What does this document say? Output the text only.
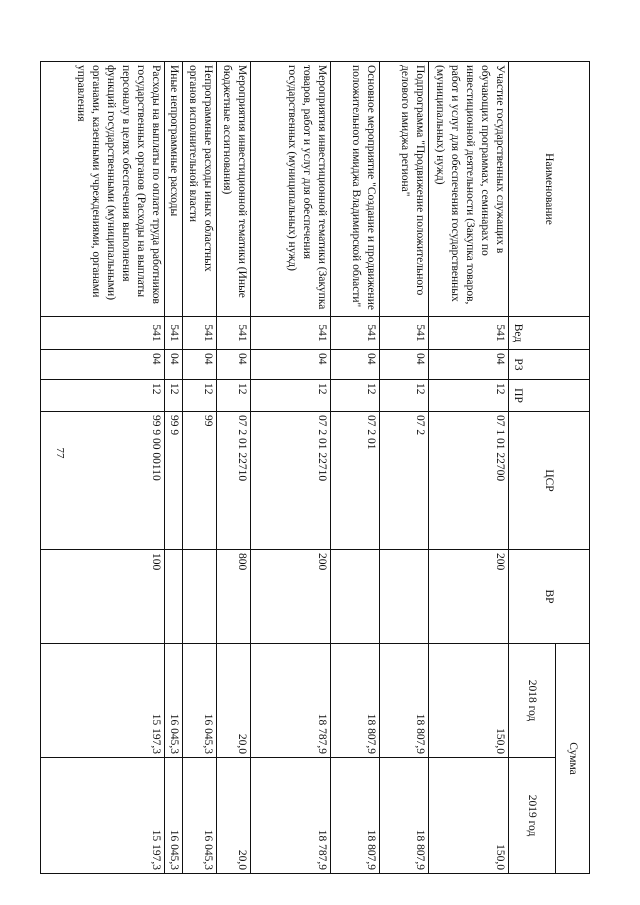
77
Наименование	Вед	РЗ	ПР	ЦСР	ВР	Сумма	
						2018 год	2019 год
Участие государственных служащих в обучающих программах, семинарах по инвестиционной деятельности (Закупка товаров, работ и услуг для обеспечения государственных (муниципальных) нужд)	541	04	12	07 1 01 22700	200	150,0	150,0
Подпрограмма "Продвижение положительного делового имиджа региона"	541	04	12	07 2		18 807,9	18 807,9
Основное мероприятие "Создание и продвижение положительного имиджа Владимирской области"	541	04	12	07 2 01		18 807,9	18 807,9
Мероприятия инвестиционной тематики (Закупка товаров, работ и услуг для обеспечения государственных (муниципальных) нужд)	541	04	12	07 2 01 22710	200	18 787,9	18 787,9
Мероприятия инвестиционной тематики (Иные бюджетные ассигнования)	541	04	12	07 2 01 22710	800	20,0	20,0
Непрограммные расходы иных областных органов исполнительной власти	541	04	12	99		16 045,3	16 045,3
Иные непрограммные расходы	541	04	12	99 9		16 045,3	16 045,3
Расходы на выплаты по оплате труда работников государственных органов (Расходы на выплаты персоналу в целях обеспечения выполнения функций государственными (муниципальными) органами, казенными учреждениями, органами управления	541	04	12	99 9 00 00110	100	15 197,3	15 197,3
